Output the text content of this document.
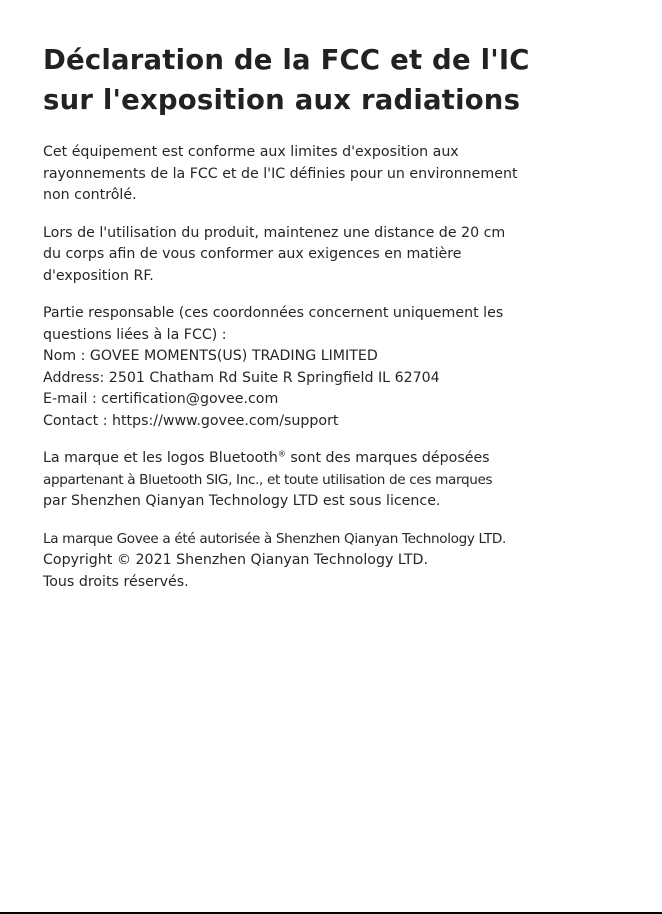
Déclaration de la FCC et de l'IC
sur l'exposition aux radiations
Cet équipement est conforme aux limites d'exposition aux
rayonnements de la FCC et de l'IC définies pour un environnement
non contrôlé.
Lors de l'utilisation du produit, maintenez une distance de 20 cm
du corps afin de vous conformer aux exigences en matière
d'exposition RF.
Partie responsable (ces coordonnées concernent uniquement les
questions liées à la FCC) :
Nom : GOVEE MOMENTS(US) TRADING LIMITED
Address: 2501 Chatham Rd Suite R Springfield IL 62704
E-mail : certification@govee.com
Contact : https://www.govee.com/support
La marque et les logos Bluetooth® sont des marques déposées
appartenant à Bluetooth SIG, Inc., et toute utilisation de ces marques
par Shenzhen Qianyan Technology LTD est sous licence.
La marque Govee a été autorisée à Shenzhen Qianyan Technology LTD.
Copyright © 2021 Shenzhen Qianyan Technology LTD.
Tous droits réservés.
